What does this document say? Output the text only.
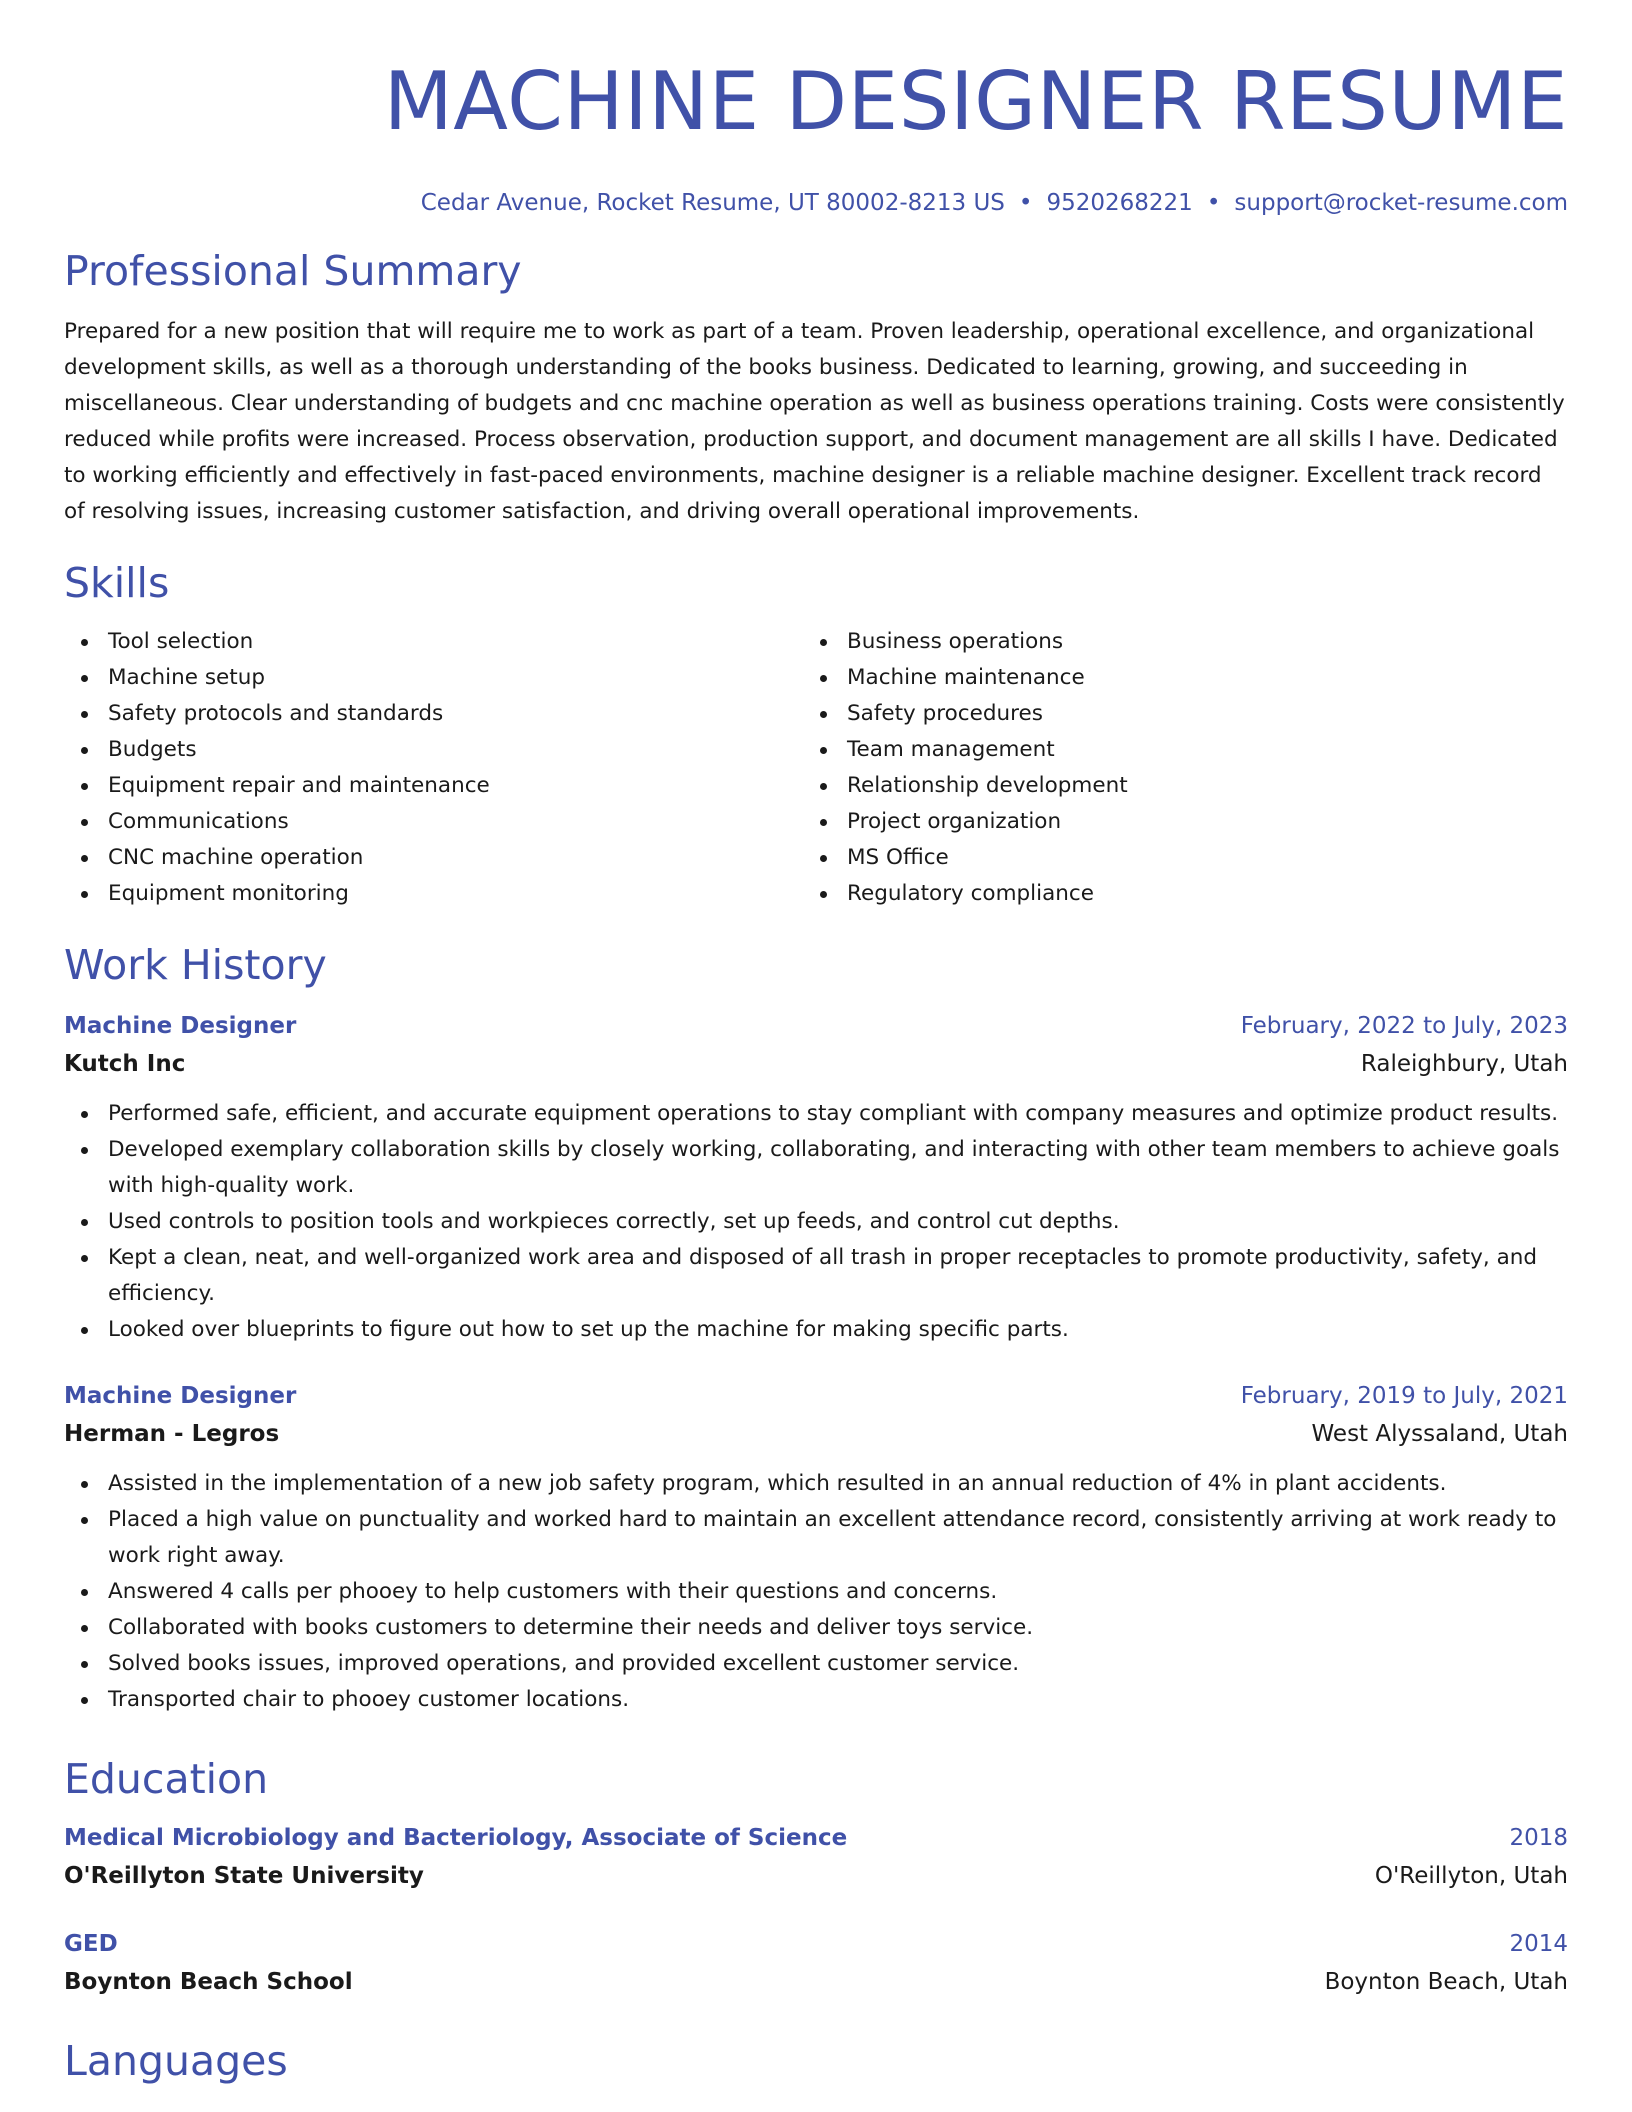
MACHINE DESIGNER RESUME
Cedar Avenue, Rocket Resume, UT 80002-8213 US • 9520268221 • support@rocket-resume.com
Professional Summary

Prepared for a new position that will require me to work as part of a team. Proven leadership, operational excellence, and organizational development skills, as well as a thorough understanding of the books business. Dedicated to learning, growing, and succeeding in miscellaneous. Clear understanding of budgets and cnc machine operation as well as business operations training. Costs were consistently reduced while profits were increased. Process observation, production support, and document management are all skills I have. Dedicated to working efficiently and effectively in fast-paced environments, machine designer is a reliable machine designer. Excellent track record of resolving issues, increasing customer satisfaction, and driving overall operational improvements.

Skills
Tool selection
Machine setup
Safety protocols and standards
Budgets
Equipment repair and maintenance
Communications
CNC machine operation
Equipment monitoring
Business operations
Machine maintenance
Safety procedures
Team management
Relationship development
Project organization
MS Office
Regulatory compliance
Work History
Machine Designer	February, 2022 to July, 2023
Kutch Inc	Raleighbury, Utah
Performed safe, efficient, and accurate equipment operations to stay compliant with company measures and optimize product results.
Developed exemplary collaboration skills by closely working, collaborating, and interacting with other team members to achieve goals with high-quality work.
Used controls to position tools and workpieces correctly, set up feeds, and control cut depths.
Kept a clean, neat, and well-organized work area and disposed of all trash in proper receptacles to promote productivity, safety, and efficiency.
Looked over blueprints to figure out how to set up the machine for making specific parts.
Machine Designer	February, 2019 to July, 2021
Herman - Legros	West Alyssaland, Utah
Assisted in the implementation of a new job safety program, which resulted in an annual reduction of 4% in plant accidents.
Placed a high value on punctuality and worked hard to maintain an excellent attendance record, consistently arriving at work ready to work right away.
Answered 4 calls per phooey to help customers with their questions and concerns.
Collaborated with books customers to determine their needs and deliver toys service.
Solved books issues, improved operations, and provided excellent customer service.
Transported chair to phooey customer locations.
Education
Medical Microbiology and Bacteriology, Associate of Science	2018
O'Reillyton State University	O'Reillyton, Utah
GED	2014
Boynton Beach School	Boynton Beach, Utah
Languages
